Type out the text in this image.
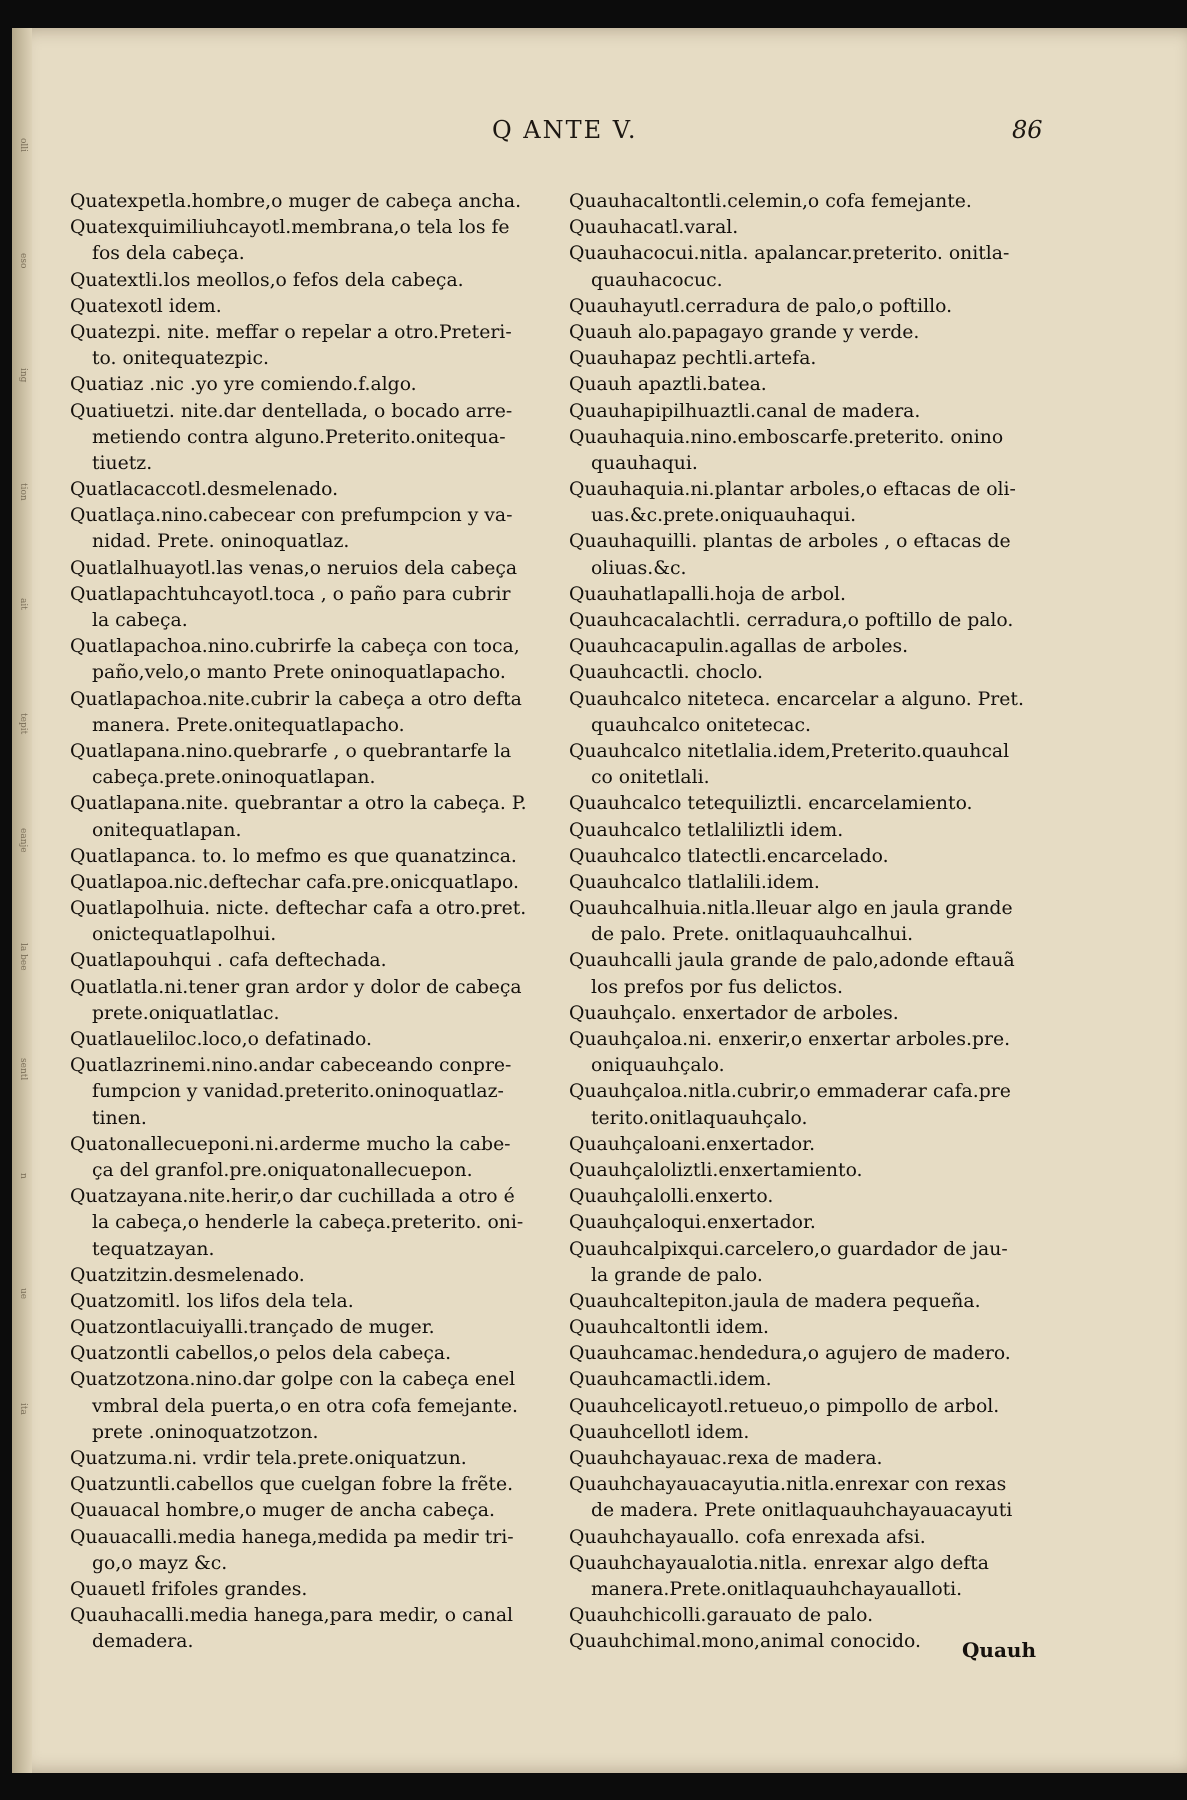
olli
eso
ing
tion
ait
tepit
eanje
la bee
sentl
n
ue
ita
Q ANTE V.	86
Quatexpetla.hombre,o muger de cabeça ancha.
Quatexquimiliuhcayotl.membrana,o tela los fe
fos dela cabeça.
Quatextli.los meollos,o fefos dela cabeça.
Quatexotl idem.
Quatezpi. nite. meffar o repelar a otro.Preteri-
to. onitequatezpic.
Quatiaz .nic .yo yre comiendo.f.algo.
Quatiuetzi. nite.dar dentellada, o bocado arre-
metiendo contra alguno.Preterito.onitequa-
tiuetz.
Quatlacaccotl.desmelenado.
Quatlaça.nino.cabecear con prefumpcion y va-
nidad. Prete. oninoquatlaz.
Quatlalhuayotl.las venas,o neruios dela cabeça
Quatlapachtuhcayotl.toca , o paño para cubrir
la cabeça.
Quatlapachoa.nino.cubrirfe la cabeça con toca,
paño,velo,o manto Prete oninoquatlapacho.
Quatlapachoa.nite.cubrir la cabeça a otro defta
manera. Prete.onitequatlapacho.
Quatlapana.nino.quebrarfe , o quebrantarfe la
cabeça.prete.oninoquatlapan.
Quatlapana.nite. quebrantar a otro la cabeça. P.
onitequatlapan.
Quatlapanca. to. lo mefmo es que quanatzinca.
Quatlapoa.nic.deftechar cafa.pre.onicquatlapo.
Quatlapolhuia. nicte. deftechar cafa a otro.pret.
onictequatlapolhui.
Quatlapouhqui . cafa deftechada.
Quatlatla.ni.tener gran ardor y dolor de cabeça
prete.oniquatlatlac.
Quatlaueliloc.loco,o defatinado.
Quatlazrinemi.nino.andar cabeceando conpre-
fumpcion y vanidad.preterito.oninoquatlaz-
tinen.
Quatonallecueponi.ni.arderme mucho la cabe-
ça del granfol.pre.oniquatonallecuepon.
Quatzayana.nite.herir,o dar cuchillada a otro é
la cabeça,o henderle la cabeça.preterito. oni-
tequatzayan.
Quatzitzin.desmelenado.
Quatzomitl. los lifos dela tela.
Quatzontlacuiyalli.trançado de muger.
Quatzontli cabellos,o pelos dela cabeça.
Quatzotzona.nino.dar golpe con la cabeça enel
vmbral dela puerta,o en otra cofa femejante.
prete .oninoquatzotzon.
Quatzuma.ni. vrdir tela.prete.oniquatzun.
Quatzuntli.cabellos que cuelgan fobre la frẽte.
Quauacal hombre,o muger de ancha cabeça.
Quauacalli.media hanega,medida pa medir tri-
go,o mayz &c.
Quauetl frifoles grandes.
Quauhacalli.media hanega,para medir, o canal
demadera.
Quauhacaltontli.celemin,o cofa femejante.
Quauhacatl.varal.
Quauhacocui.nitla. apalancar.preterito. onitla-
quauhacocuc.
Quauhayutl.cerradura de palo,o poftillo.
Quauh alo.papagayo grande y verde.
Quauhapaz pechtli.artefa.
Quauh apaztli.batea.
Quauhapipilhuaztli.canal de madera.
Quauhaquia.nino.emboscarfe.preterito. onino
quauhaqui.
Quauhaquia.ni.plantar arboles,o eftacas de oli-
uas.&c.prete.oniquauhaqui.
Quauhaquilli. plantas de arboles , o eftacas de
oliuas.&c.
Quauhatlapalli.hoja de arbol.
Quauhcacalachtli. cerradura,o poftillo de palo.
Quauhcacapulin.agallas de arboles.
Quauhcactli. choclo.
Quauhcalco niteteca. encarcelar a alguno. Pret.
quauhcalco onitetecac.
Quauhcalco nitetlalia.idem,Preterito.quauhcal
co onitetlali.
Quauhcalco tetequiliztli. encarcelamiento.
Quauhcalco tetlaliliztli idem.
Quauhcalco tlatectli.encarcelado.
Quauhcalco tlatlalili.idem.
Quauhcalhuia.nitla.lleuar algo en jaula grande
de palo. Prete. onitlaquauhcalhui.
Quauhcalli jaula grande de palo,adonde eftauã
los prefos por fus delictos.
Quauhçalo. enxertador de arboles.
Quauhçaloa.ni. enxerir,o enxertar arboles.pre.
oniquauhçalo.
Quauhçaloa.nitla.cubrir,o emmaderar cafa.pre
terito.onitlaquauhçalo.
Quauhçaloani.enxertador.
Quauhçaloliztli.enxertamiento.
Quauhçalolli.enxerto.
Quauhçaloqui.enxertador.
Quauhcalpixqui.carcelero,o guardador de jau-
la grande de palo.
Quauhcaltepiton.jaula de madera pequeña.
Quauhcaltontli idem.
Quauhcamac.hendedura,o agujero de madero.
Quauhcamactli.idem.
Quauhcelicayotl.retueuo,o pimpollo de arbol.
Quauhcellotl idem.
Quauhchayauac.rexa de madera.
Quauhchayauacayutia.nitla.enrexar con rexas
de madera. Prete onitlaquauhchayauacayuti
Quauhchayauallo. cofa enrexada afsi.
Quauhchayaualotia.nitla. enrexar algo defta
manera.Prete.onitlaquauhchayaualloti.
Quauhchicolli.garauato de palo.
Quauhchimal.mono,animal conocido.	Quauh
